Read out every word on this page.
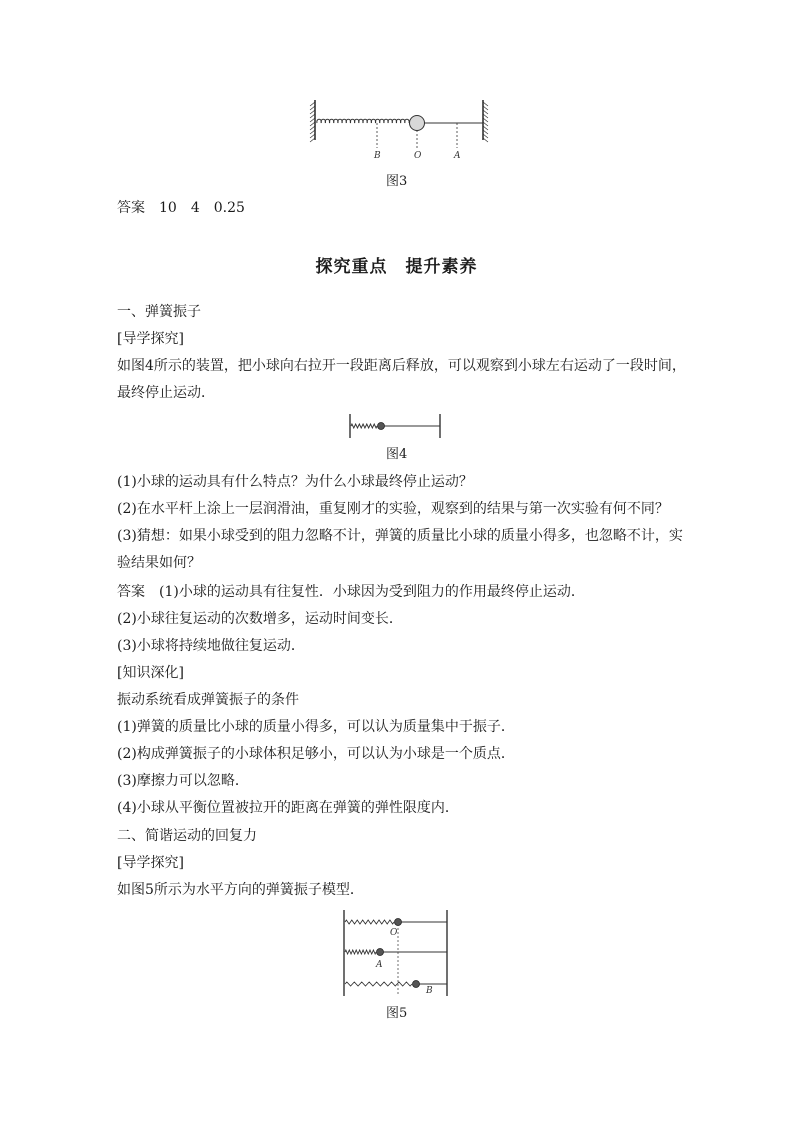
B	O	A
图3
答案　10　4　0.25
探究重点　提升素养
一、弹簧振子
[导学探究]
如图4所示的装置，把小球向右拉开一段距离后释放，可以观察到小球左右运动了一段时间，
最终停止运动．
图4
(1)小球的运动具有什么特点？为什么小球最终停止运动？
(2)在水平杆上涂上一层润滑油，重复刚才的实验，观察到的结果与第一次实验有何不同？
(3)猜想：如果小球受到的阻力忽略不计，弹簧的质量比小球的质量小得多，也忽略不计，实
验结果如何？
答案　(1)小球的运动具有往复性．小球因为受到阻力的作用最终停止运动．
(2)小球往复运动的次数增多，运动时间变长．
(3)小球将持续地做往复运动．
[知识深化]
振动系统看成弹簧振子的条件
(1)弹簧的质量比小球的质量小得多，可以认为质量集中于振子．
(2)构成弹簧振子的小球体积足够小，可以认为小球是一个质点．
(3)摩擦力可以忽略．
(4)小球从平衡位置被拉开的距离在弹簧的弹性限度内．
二、简谐运动的回复力
[导学探究]
如图5所示为水平方向的弹簧振子模型．
O
A
B
图5
